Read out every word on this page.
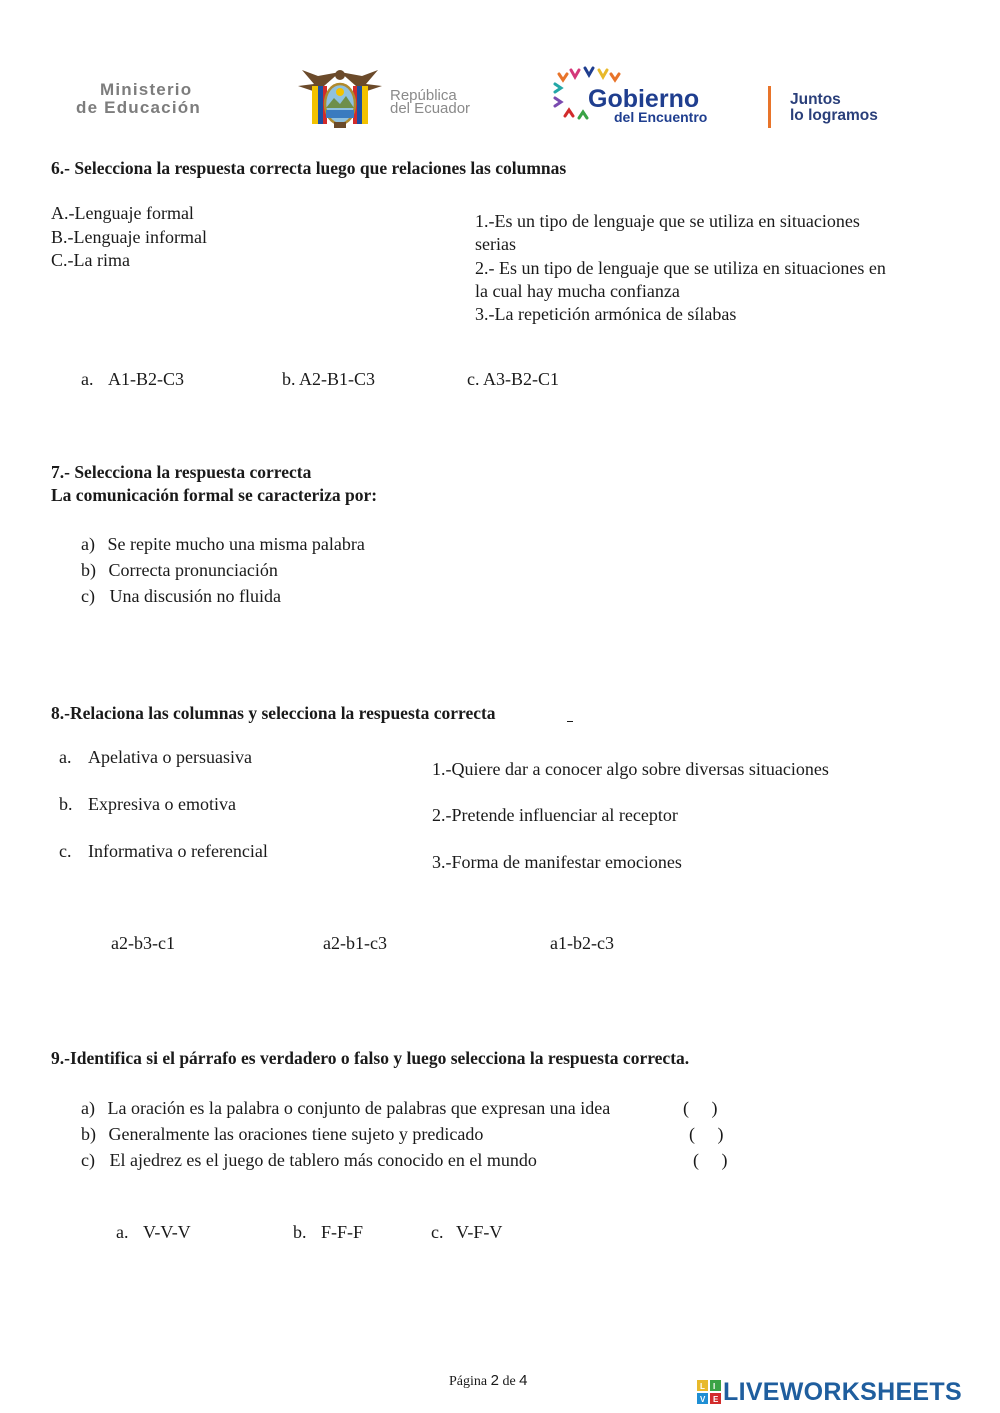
Ministerio
de Educación
República
del Ecuador	Gobierno
del Encuentro
Juntos
lo logramos
6.- Selecciona la respuesta correcta luego que relaciones las columnas
A.-Lenguaje formal
B.-Lenguaje informal
C.-La rima
1.-Es un tipo de lenguaje que se utiliza en situaciones
serias
2.- Es un tipo de lenguaje que se utiliza en situaciones en
la cual hay mucha confianza
3.-La repetición armónica de sílabas
a. A1-B2-C3	b. A2-B1-C3	c. A3-B2-C1
7.- Selecciona la respuesta correcta
La comunicación formal se caracteriza por:
a) Se repite mucho una misma palabra
b) Correcta pronunciación
c) Una discusión no fluida
8.-Relaciona las columnas y selecciona la respuesta correcta
a. Apelativa o persuasiva
b. Expresiva o emotiva
c. Informativa o referencial
1.-Quiere dar a conocer algo sobre diversas situaciones
2.-Pretende influenciar al receptor
3.-Forma de manifestar emociones
a2-b3-c1	a2-b1-c3	a1-b2-c3
9.-Identifica si el párrafo es verdadero o falso y luego selecciona la respuesta correcta.
a) La oración es la palabra o conjunto de palabras que expresan una idea	(     )
b) Generalmente las oraciones tiene sujeto y predicado	(     )
c) El ajedrez es el juego de tablero más conocido en el mundo	(     )
a. V-V-V	b. F-F-F	c. V-F-V
Página 2 de 4	L I
V E LIVEWORKSHEETS
